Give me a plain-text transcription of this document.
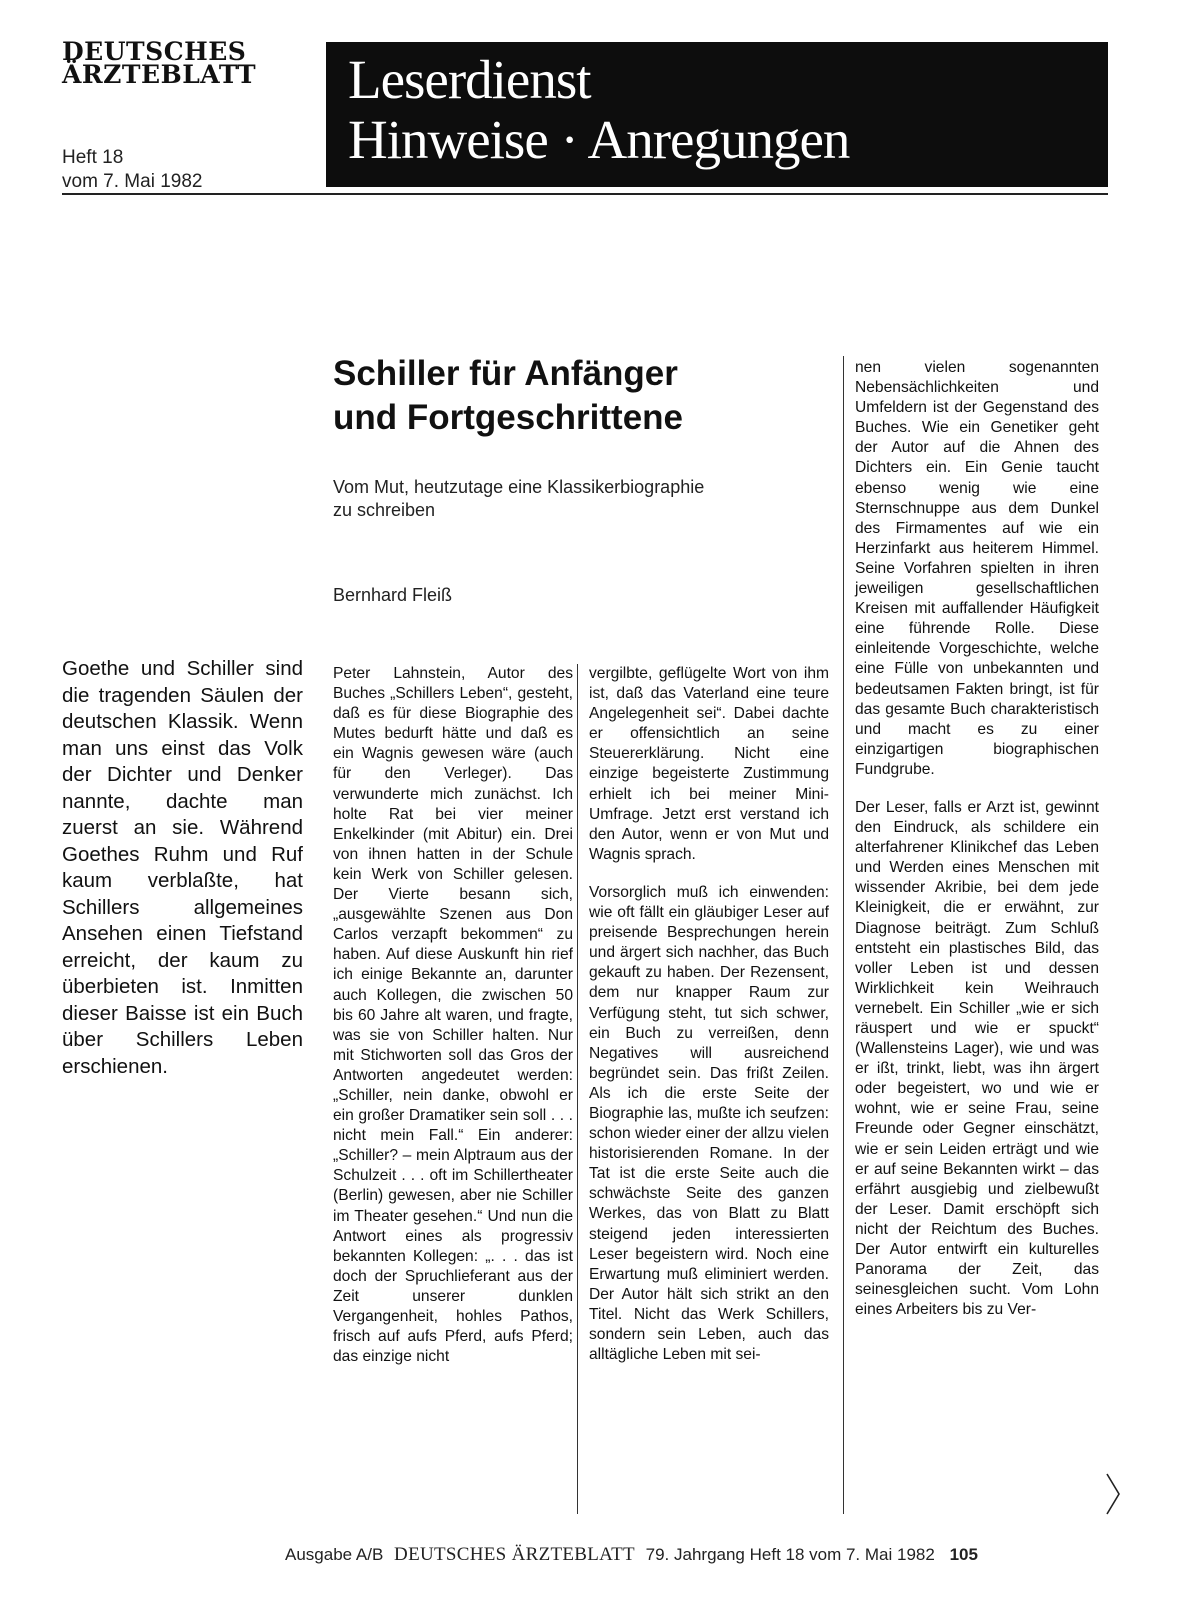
DEUTSCHES
ÄRZTEBLATT
Heft 18
vom 7. Mai 1982
Leserdienst
Hinweise · Anregungen
Schiller für Anfänger
und Fortgeschrittene
Vom Mut, heutzutage eine Klassikerbiographie
zu schreiben
Bernhard Fleiß
Goethe und Schiller sind die tragenden Säulen der deutschen Klassik. Wenn man uns einst das Volk der Dichter und Denker nannte, dachte man zuerst an sie. Während Goethes Ruhm und Ruf kaum verblaßte, hat Schillers allgemeines Ansehen einen Tiefstand erreicht, der kaum zu überbieten ist. Inmitten dieser Baisse ist ein Buch über Schillers Leben erschienen.

Peter Lahnstein, Autor des Buches „Schillers Leben“, gesteht, daß es für diese Biographie des Mutes bedurft hätte und daß es ein Wagnis gewesen wäre (auch für den Verleger). Das verwunderte mich zunächst. Ich holte Rat bei vier meiner Enkelkinder (mit Abitur) ein. Drei von ihnen hatten in der Schule kein Werk von Schiller gelesen. Der Vierte besann sich, „ausgewählte Szenen aus Don Carlos verzapft bekommen“ zu haben. Auf diese Auskunft hin rief ich einige Bekannte an, darunter auch Kollegen, die zwischen 50 bis 60 Jahre alt waren, und fragte, was sie von Schiller halten. Nur mit Stichworten soll das Gros der Antworten angedeutet werden: „Schiller, nein danke, obwohl er ein großer Dramatiker sein soll . . . nicht mein Fall.“ Ein anderer: „Schiller? – mein Alptraum aus der Schulzeit . . . oft im Schillertheater (Berlin) gewesen, aber nie Schiller im Theater gesehen.“ Und nun die Antwort eines als progressiv bekannten Kollegen: „. . . das ist doch der Spruchlieferant aus der Zeit unserer dunklen Vergangenheit, hohles Pathos, frisch auf aufs Pferd, aufs Pferd; das einzige nicht

vergilbte, geflügelte Wort von ihm ist, daß das Vaterland eine teure Angelegenheit sei“. Dabei dachte er offensichtlich an seine Steuererklärung. Nicht eine einzige begeisterte Zustimmung erhielt ich bei meiner Mini-Umfrage. Jetzt erst verstand ich den Autor, wenn er von Mut und Wagnis sprach.

Vorsorglich muß ich einwenden: wie oft fällt ein gläubiger Leser auf preisende Besprechungen herein und ärgert sich nachher, das Buch gekauft zu haben. Der Rezensent, dem nur knapper Raum zur Verfügung steht, tut sich schwer, ein Buch zu verreißen, denn Negatives will ausreichend begründet sein. Das frißt Zeilen. Als ich die erste Seite der Biographie las, mußte ich seufzen: schon wieder einer der allzu vielen historisierenden Romane. In der Tat ist die erste Seite auch die schwächste Seite des ganzen Werkes, das von Blatt zu Blatt steigend jeden interessierten Leser begeistern wird. Noch eine Erwartung muß eliminiert werden. Der Autor hält sich strikt an den Titel. Nicht das Werk Schillers, sondern sein Leben, auch das alltägliche Leben mit sei-

nen vielen sogenannten Nebensächlichkeiten und Umfeldern ist der Gegenstand des Buches. Wie ein Genetiker geht der Autor auf die Ahnen des Dichters ein. Ein Genie taucht ebenso wenig wie eine Sternschnuppe aus dem Dunkel des Firmamentes auf wie ein Herzinfarkt aus heiterem Himmel. Seine Vorfahren spielten in ihren jeweiligen gesellschaftlichen Kreisen mit auffallender Häufigkeit eine führende Rolle. Diese einleitende Vorgeschichte, welche eine Fülle von unbekannten und bedeutsamen Fakten bringt, ist für das gesamte Buch charakteristisch und macht es zu einer einzigartigen biographischen Fundgrube.

Der Leser, falls er Arzt ist, gewinnt den Eindruck, als schildere ein alterfahrener Klinikchef das Leben und Werden eines Menschen mit wissender Akribie, bei dem jede Kleinigkeit, die er erwähnt, zur Diagnose beiträgt. Zum Schluß entsteht ein plastisches Bild, das voller Leben ist und dessen Wirklichkeit kein Weihrauch vernebelt. Ein Schiller „wie er sich räuspert und wie er spuckt“ (Wallensteins Lager), wie und was er ißt, trinkt, liebt, was ihn ärgert oder begeistert, wo und wie er wohnt, wie er seine Frau, seine Freunde oder Gegner einschätzt, wie er sein Leiden erträgt und wie er auf seine Bekannten wirkt – das erfährt ausgiebig und zielbewußt der Leser. Damit erschöpft sich nicht der Reichtum des Buches. Der Autor entwirft ein kulturelles Panorama der Zeit, das seinesgleichen sucht. Vom Lohn eines Arbeiters bis zu Ver-

Ausgabe A/B DEUTSCHES ÄRZTEBLATT 79. Jahrgang Heft 18 vom 7. Mai 1982 105
